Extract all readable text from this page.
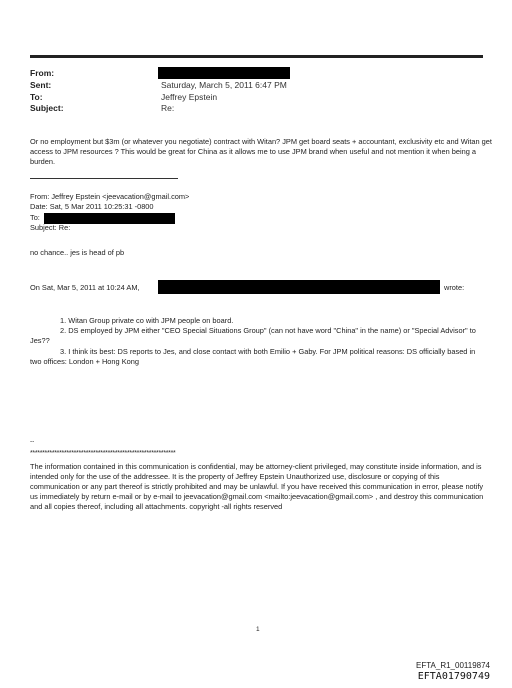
From:
Sent:
To:
Subject:
Saturday, March 5, 2011 6:47 PM
Jeffrey Epstein
Re:
Or no employment but $3m (or whatever you negotiate) contract with Witan? JPM get board seats + accountant, exclusivity etc and Witan get access to JPM resources ? This would be great for China as it allows me to use JPM brand when useful and not mention it when being a burden.
From: Jeffrey Epstein <jeevacation@gmail.com>
Date: Sat, 5 Mar 2011 10:25:31 -0800
To:
Subject: Re:
no chance.. jes is head of pb
On Sat, Mar 5, 2011 at 10:24 AM,	wrote:
1. Witan Group private co with JPM people on board.
2. DS employed by JPM either "CEO Special Situations Group" (can not have word "China" in the name) or "Special Advisor" to Jes??
3. I think its best: DS reports to Jes, and close contact with both Emilio + Gaby. For JPM political reasons: DS officially based in two offices: London + Hong Kong
--
************************************************************
The information contained in this communication is confidential, may be attorney-client privileged, may constitute inside information, and is intended only for the use of the addressee. It is the property of Jeffrey Epstein Unauthorized use, disclosure or copying of this communication or any part thereof is strictly prohibited and may be unlawful. If you have received this communication in error, please notify us immediately by return e-mail or by e-mail to jeevacation@gmail.com <mailto:jeevacation@gmail.com> , and destroy this communication and all copies thereof, including all attachments. copyright -all rights reserved
1
EFTA_R1_00119874
EFTA01790749
